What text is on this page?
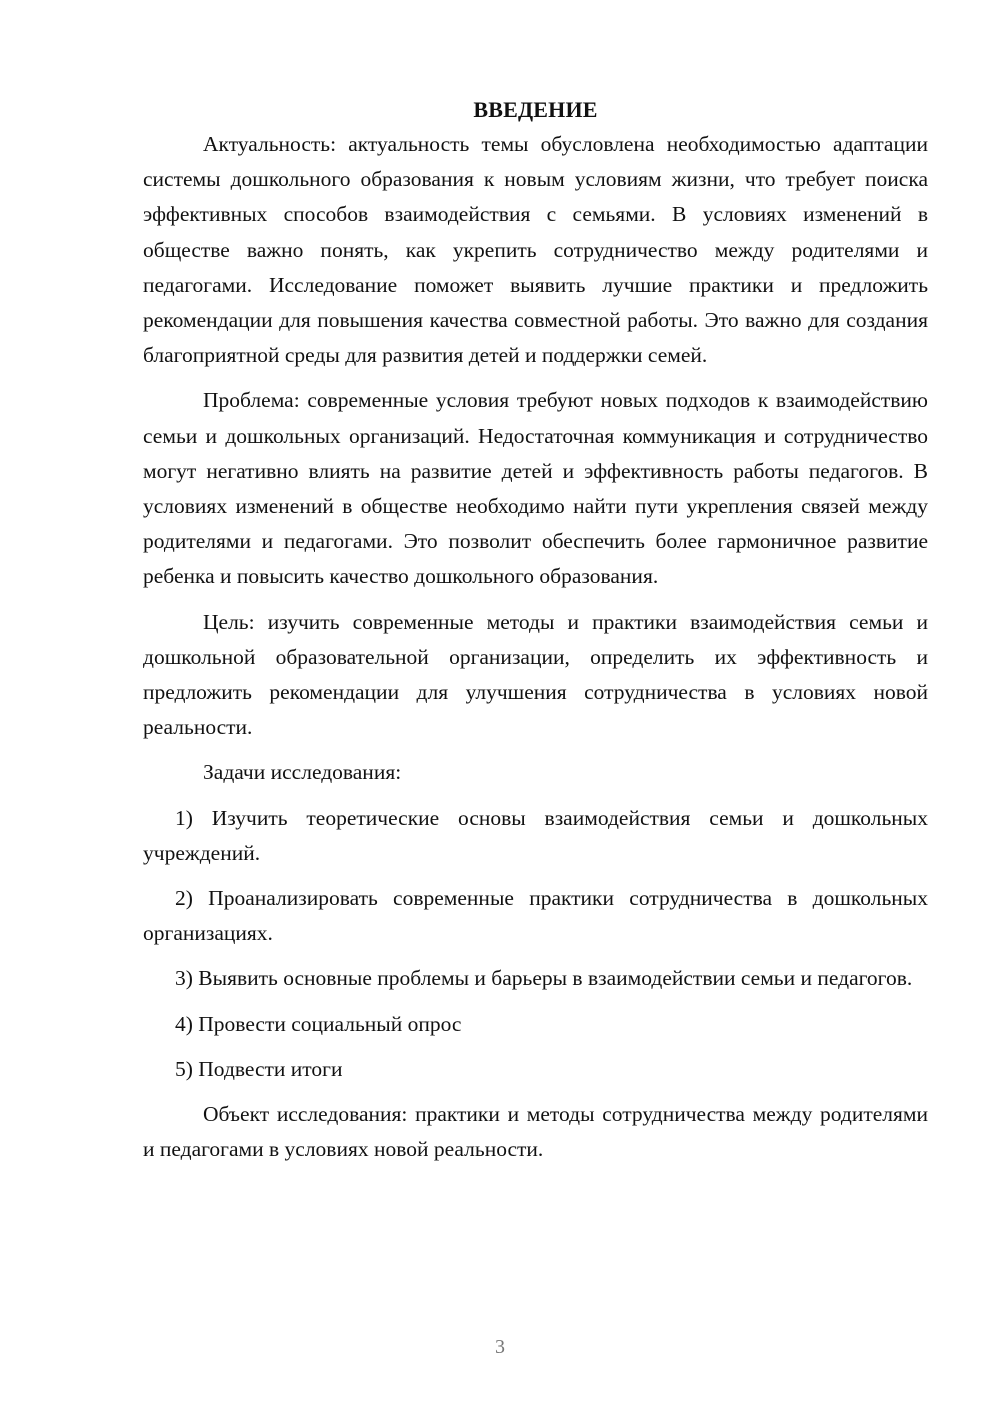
ВВЕДЕНИЕ

Актуальность: актуальность темы обусловлена необходимостью адаптации системы дошкольного образования к новым условиям жизни, что требует поиска эффективных способов взаимодействия с семьями. В условиях изменений в обществе важно понять, как укрепить сотрудничество между родителями и педагогами. Исследование поможет выявить лучшие практики и предложить рекомендации для повышения качества совместной работы. Это важно для создания благоприятной среды для развития детей и поддержки семей.

Проблема: современные условия требуют новых подходов к взаимодействию семьи и дошкольных организаций. Недостаточная коммуникация и сотрудничество могут негативно влиять на развитие детей и эффективность работы педагогов. В условиях изменений в обществе необходимо найти пути укрепления связей между родителями и педагогами. Это позволит обеспечить более гармоничное развитие ребенка и повысить качество дошкольного образования.

Цель: изучить современные методы и практики взаимодействия семьи и дошкольной образовательной организации, определить их эффективность и предложить рекомендации для улучшения сотрудничества в условиях новой реальности.

Задачи исследования:

1) Изучить теоретические основы взаимодействия семьи и дошкольных учреждений.

2) Проанализировать современные практики сотрудничества в дошкольных организациях.

3) Выявить основные проблемы и барьеры в взаимодействии семьи и педагогов.

4) Провести социальный опрос

5) Подвести итоги

Объект исследования: практики и методы сотрудничества между родителями и педагогами в условиях новой реальности.

3
